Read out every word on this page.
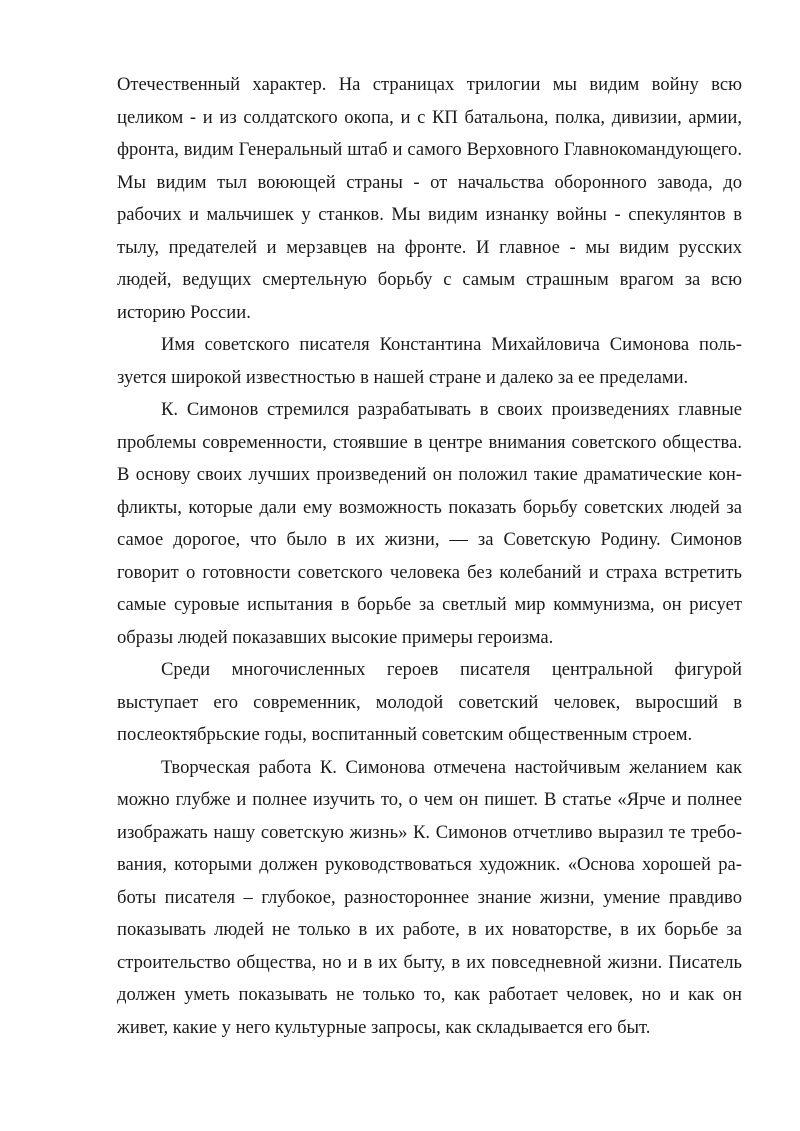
Отечественный характер. На страницах трилогии мы видим войну всю целиком - и из солдатского окопа, и с КП батальона, полка, дивизии, армии, фронта, видим Генеральный штаб и самого Верховного Главнокомандующего. Мы видим тыл воюющей страны - от начальства оборонного завода, до рабочих и мальчишек у станков. Мы видим изнанку войны - спекулянтов в тылу, предателей и мерзавцев на фронте. И главное - мы видим русских людей, ведущих смертельную борьбу с самым страшным врагом за всю историю России.

Имя советского писателя Константина Михайловича Симонова пользуется широкой известностью в нашей стране и далеко за ее пределами.

К. Симонов стремился разрабатывать в своих произведениях главные проблемы современности, стоявшие в центре внимания советского общества. В основу своих лучших произведений он положил такие драматические конфликты, которые дали ему возможность показать борьбу советских людей за самое дорогое, что было в их жизни, — за Советскую Родину. Симонов говорит о готовности советского человека без колебаний и страха встретить самые суровые испытания в борьбе за светлый мир коммунизма, он рисует образы людей показавших высокие примеры героизма.

Среди многочисленных героев писателя центральной фигурой выступает его современник, молодой советский человек, выросший в послеоктябрьские годы, воспитанный советским общественным строем.

Творческая работа К. Симонова отмечена настойчивым желанием как можно глубже и полнее изучить то, о чем он пишет. В статье «Ярче и полнее изображать нашу советскую жизнь» К. Симонов отчетливо выразил те требования, которыми должен руководствоваться художник. «Основа хорошей работы писателя – глубокое, разностороннее знание жизни, умение правдиво показывать людей не только в их работе, в их новаторстве, в их борьбе за строительство общества, но и в их быту, в их повседневной жизни. Писатель должен уметь показывать не только то, как работает человек, но и как он живет, какие у него культурные запросы, как складывается его быт.
